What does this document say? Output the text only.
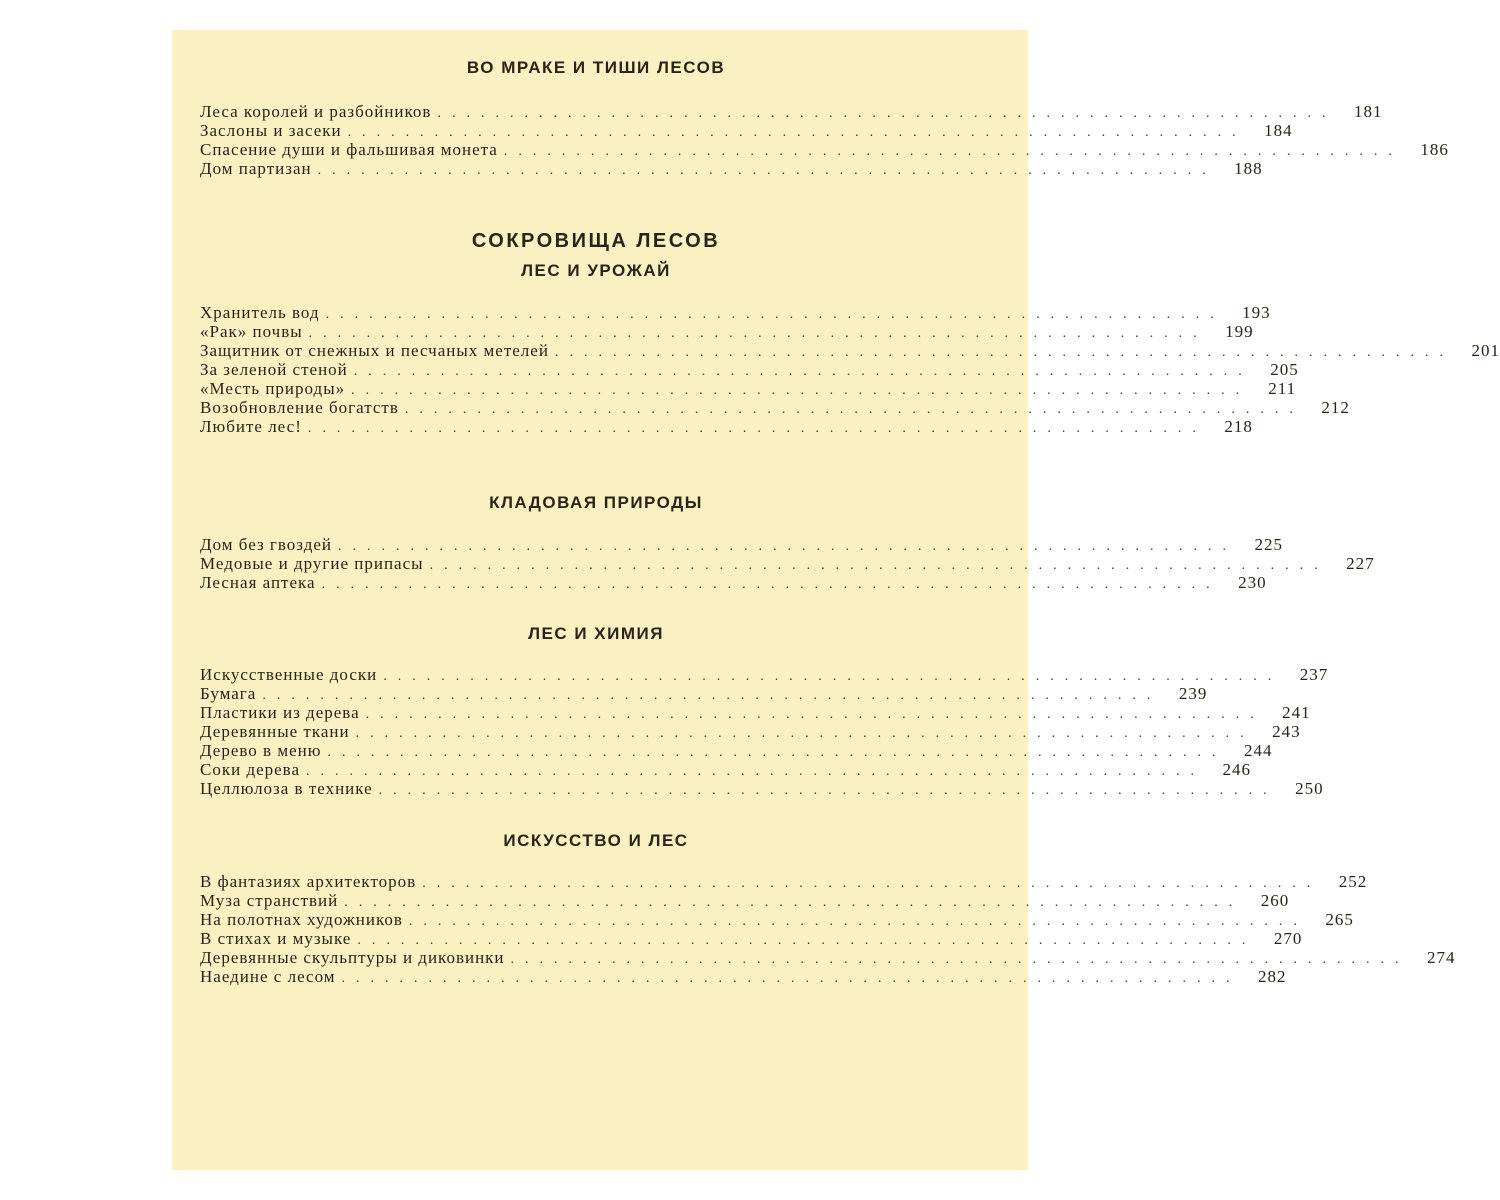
ВО МРАКЕ И ТИШИ ЛЕСОВ
Леса королей и разбойников ..............................................................	181
Заслоны и засеки ..............................................................	184
Спасение души и фальшивая монета ..............................................................	186
Дом партизан ..............................................................	188
СОКРОВИЩА ЛЕСОВ
ЛЕС И УРОЖАЙ
Хранитель вод ..............................................................	193
«Рак» почвы ..............................................................	199
Защитник от снежных и песчаных метелей ..............................................................	201
За зеленой стеной ..............................................................	205
«Месть природы» ..............................................................	211
Возобновление богатств ..............................................................	212
Любите лес! ..............................................................	218
КЛАДОВАЯ ПРИРОДЫ
Дом без гвоздей ..............................................................	225
Медовые и другие припасы ..............................................................	227
Лесная аптека ..............................................................	230
ЛЕС И ХИМИЯ
Искусственные доски ..............................................................	237
Бумага ..............................................................	239
Пластики из дерева ..............................................................	241
Деревянные ткани ..............................................................	243
Дерево в меню ..............................................................	244
Соки дерева ..............................................................	246
Целлюлоза в технике ..............................................................	250
ИСКУССТВО И ЛЕС
В фантазиях архитекторов ..............................................................	252
Муза странствий ..............................................................	260
На полотнах художников ..............................................................	265
В стихах и музыке ..............................................................	270
Деревянные скульптуры и диковинки ..............................................................	274
Наедине с лесом ..............................................................	282
